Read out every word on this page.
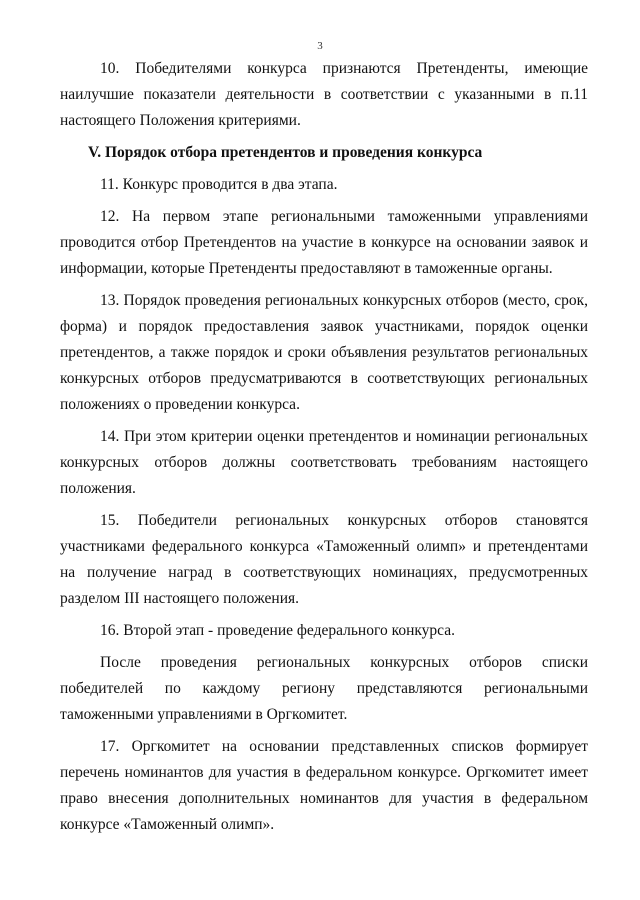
3

10. Победителями конкурса признаются Претенденты, имеющие наилучшие показатели деятельности в соответствии с указанными в п.11 настоящего Положения критериями.

V. Порядок отбора претендентов и проведения конкурса

11. Конкурс проводится в два этапа.

12. На первом этапе региональными таможенными управлениями проводится отбор Претендентов на участие в конкурсе на основании заявок и информации, которые Претенденты предоставляют в таможенные органы.

13. Порядок проведения региональных конкурсных отборов (место, срок, форма) и порядок предоставления заявок участниками, порядок оценки претендентов, а также порядок и сроки объявления результатов региональных конкурсных отборов предусматриваются в соответствующих региональных положениях о проведении конкурса.

14. При этом критерии оценки претендентов и номинации региональных конкурсных отборов должны соответствовать требованиям настоящего положения.

15. Победители региональных конкурсных отборов становятся участниками федерального конкурса «Таможенный олимп» и претендентами на получение наград в соответствующих номинациях, предусмотренных разделом III настоящего положения.

16. Второй этап - проведение федерального конкурса.

После проведения региональных конкурсных отборов списки победителей по каждому региону представляются региональными таможенными управлениями в Оргкомитет.

17. Оргкомитет на основании представленных списков формирует перечень номинантов для участия в федеральном конкурсе. Оргкомитет имеет право внесения дополнительных номинантов для участия в федеральном конкурсе «Таможенный олимп».
